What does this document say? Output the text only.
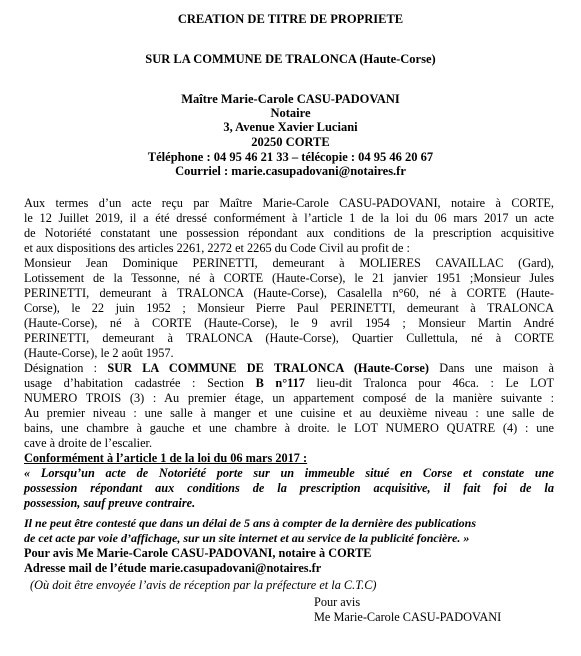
CREATION DE TITRE DE PROPRIETE
SUR LA COMMUNE DE TRALONCA (Haute-Corse)
Maître Marie-Carole CASU-PADOVANI
Notaire
3, Avenue Xavier Luciani
20250 CORTE
Téléphone : 04 95 46 21 33 – télécopie : 04 95 46 20 67
Courriel : marie.casupadovani@notaires.fr
Aux termes d’un acte reçu par Maître Marie-Carole CASU-PADOVANI, notaire à CORTE,
le 12 Juillet 2019, il a été dressé conformément à l’article 1 de la loi du 06 mars 2017 un acte
de Notoriété constatant une possession répondant aux conditions de la prescription acquisitive
et aux dispositions des articles 2261, 2272 et 2265 du Code Civil au profit de :
Monsieur Jean Dominique PERINETTI, demeurant à MOLIERES CAVAILLAC (Gard),
Lotissement de la Tessonne, né à CORTE (Haute-Corse), le 21 janvier 1951 ;Monsieur Jules
PERINETTI, demeurant à TRALONCA (Haute-Corse), Casalella n°60, né à CORTE (Haute-
Corse), le 22 juin 1952 ; Monsieur Pierre Paul PERINETTI, demeurant à TRALONCA
(Haute-Corse), né à CORTE (Haute-Corse), le 9 avril 1954 ; Monsieur Martin André
PERINETTI, demeurant à TRALONCA (Haute-Corse), Quartier Cullettula, né à CORTE
(Haute-Corse), le 2 août 1957.
Désignation : SUR LA COMMUNE DE TRALONCA (Haute-Corse) Dans une maison à
usage d’habitation cadastrée : Section B n°117 lieu-dit Tralonca pour 46ca. : Le LOT
NUMERO TROIS (3) : Au premier étage, un appartement composé de la manière suivante :
Au premier niveau : une salle à manger et une cuisine et au deuxième niveau : une salle de
bains, une chambre à gauche et une chambre à droite. le LOT NUMERO QUATRE (4) : une
cave à droite de l’escalier.
Conformément à l’article 1 de la loi du 06 mars 2017 :
« Lorsqu’un acte de Notoriété porte sur un immeuble situé en Corse et constate une
possession répondant aux conditions de la prescription acquisitive, il fait foi de la
possession, sauf preuve contraire.
Il ne peut être contesté que dans un délai de 5 ans à compter de la dernière des publications
de cet acte par voie d’affichage, sur un site internet et au service de la publicité foncière. »
Pour avis Me Marie-Carole CASU-PADOVANI, notaire à CORTE
Adresse mail de l’étude marie.casupadovani@notaires.fr
(Où doit être envoyée l’avis de réception par la préfecture et la C.T.C)
Pour avis
Me Marie-Carole CASU-PADOVANI
